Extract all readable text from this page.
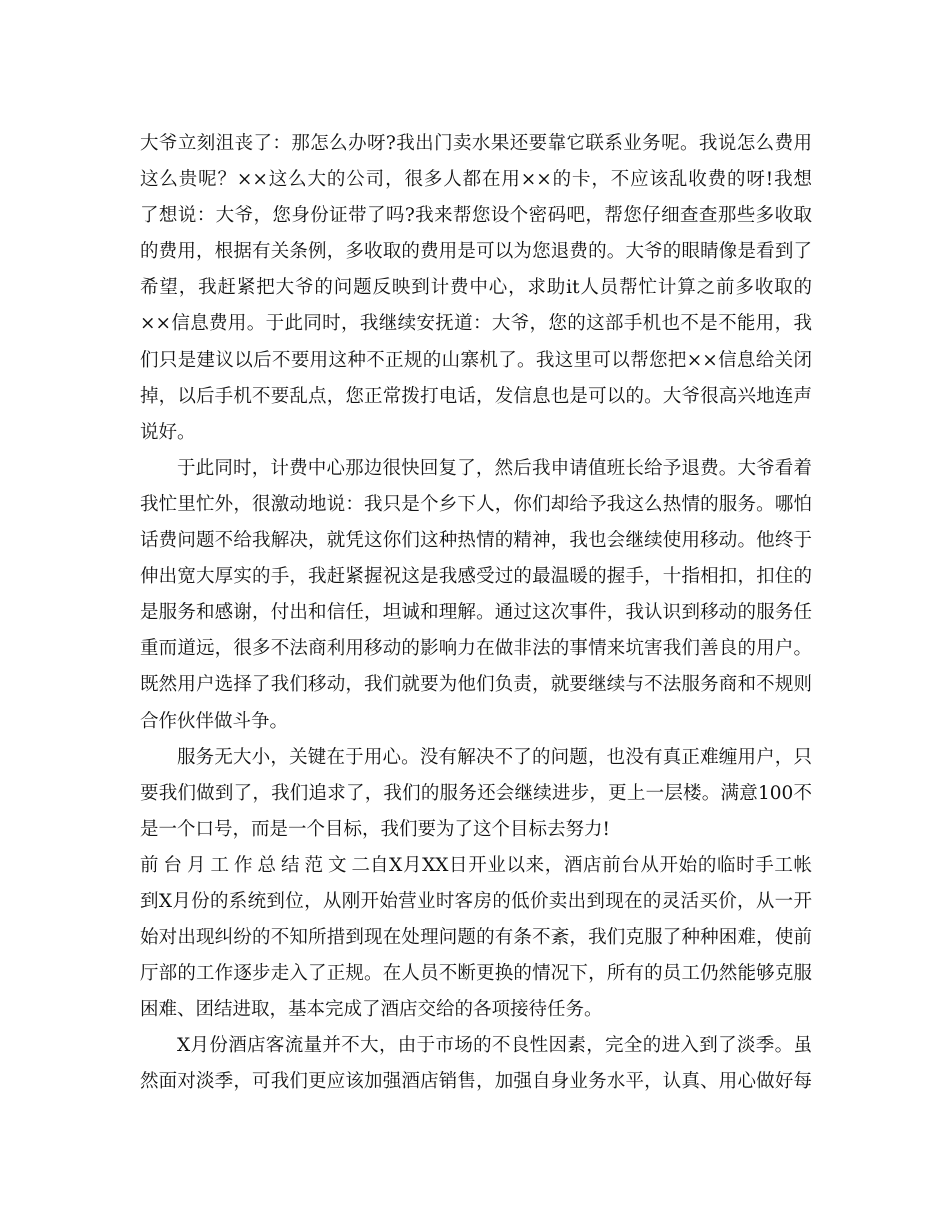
大爷立刻沮丧了：那怎么办呀?我出门卖水果还要靠它联系业务呢。我说怎么费用
这么贵呢？××这么大的公司，很多人都在用××的卡，不应该乱收费的呀!我想
了想说：大爷，您身份证带了吗?我来帮您设个密码吧，帮您仔细查查那些多收取
的费用，根据有关条例，多收取的费用是可以为您退费的。大爷的眼睛像是看到了
希望，我赶紧把大爷的问题反映到计费中心，求助it人员帮忙计算之前多收取的
××信息费用。于此同时，我继续安抚道：大爷，您的这部手机也不是不能用，我
们只是建议以后不要用这种不正规的山寨机了。我这里可以帮您把××信息给关闭
掉，以后手机不要乱点，您正常拨打电话，发信息也是可以的。大爷很高兴地连声
说好。
于此同时，计费中心那边很快回复了，然后我申请值班长给予退费。大爷看着
我忙里忙外，很激动地说：我只是个乡下人，你们却给予我这么热情的服务。哪怕
话费问题不给我解决，就凭这你们这种热情的精神，我也会继续使用移动。他终于
伸出宽大厚实的手，我赶紧握祝这是我感受过的最温暖的握手，十指相扣，扣住的
是服务和感谢，付出和信任，坦诚和理解。通过这次事件，我认识到移动的服务任
重而道远，很多不法商利用移动的影响力在做非法的事情来坑害我们善良的用户。
既然用户选择了我们移动，我们就要为他们负责，就要继续与不法服务商和不规则
合作伙伴做斗争。
服务无大小，关键在于用心。没有解决不了的问题，也没有真正难缠用户，只
要我们做到了，我们追求了，我们的服务还会继续进步，更上一层楼。满意100不
是一个口号，而是一个目标，我们要为了这个目标去努力!
前台月工作总结范文二 自X月XX日开业以来，酒店前台从开始的临时手工帐
到X月份的系统到位，从刚开始营业时客房的低价卖出到现在的灵活买价，从一开
始对出现纠纷的不知所措到现在处理问题的有条不紊，我们克服了种种困难，使前
厅部的工作逐步走入了正规。在人员不断更换的情况下，所有的员工仍然能够克服
困难、团结进取，基本完成了酒店交给的各项接待任务。
X月份酒店客流量并不大，由于市场的不良性因素，完全的进入到了淡季。虽
然面对淡季，可我们更应该加强酒店销售，加强自身业务水平，认真、用心做好每
